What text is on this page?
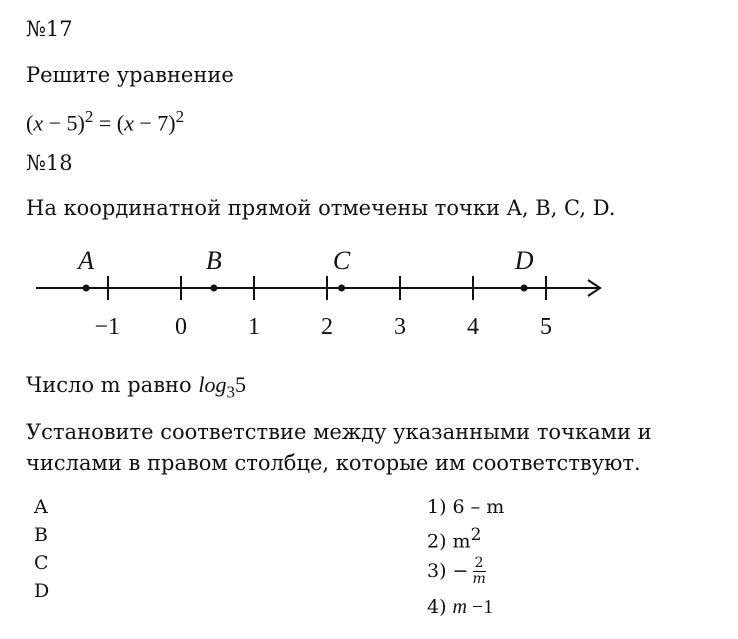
№17
Решите уравнение
$(x - 5)^2 = (x - 7)^2$
№18
На координатной прямой отмечены точки A, B, C, D.
−1 0	1	2	3	4	5
A	B	C	D
Число m равно $\log_35$
Установите соответствие между указанными точками и
числами в правом столбце, которые им соответствуют.
A
B
C
D
1) 6 – m
2) $m^2$
$3) - \frac{2}{m}$
4) m −1
